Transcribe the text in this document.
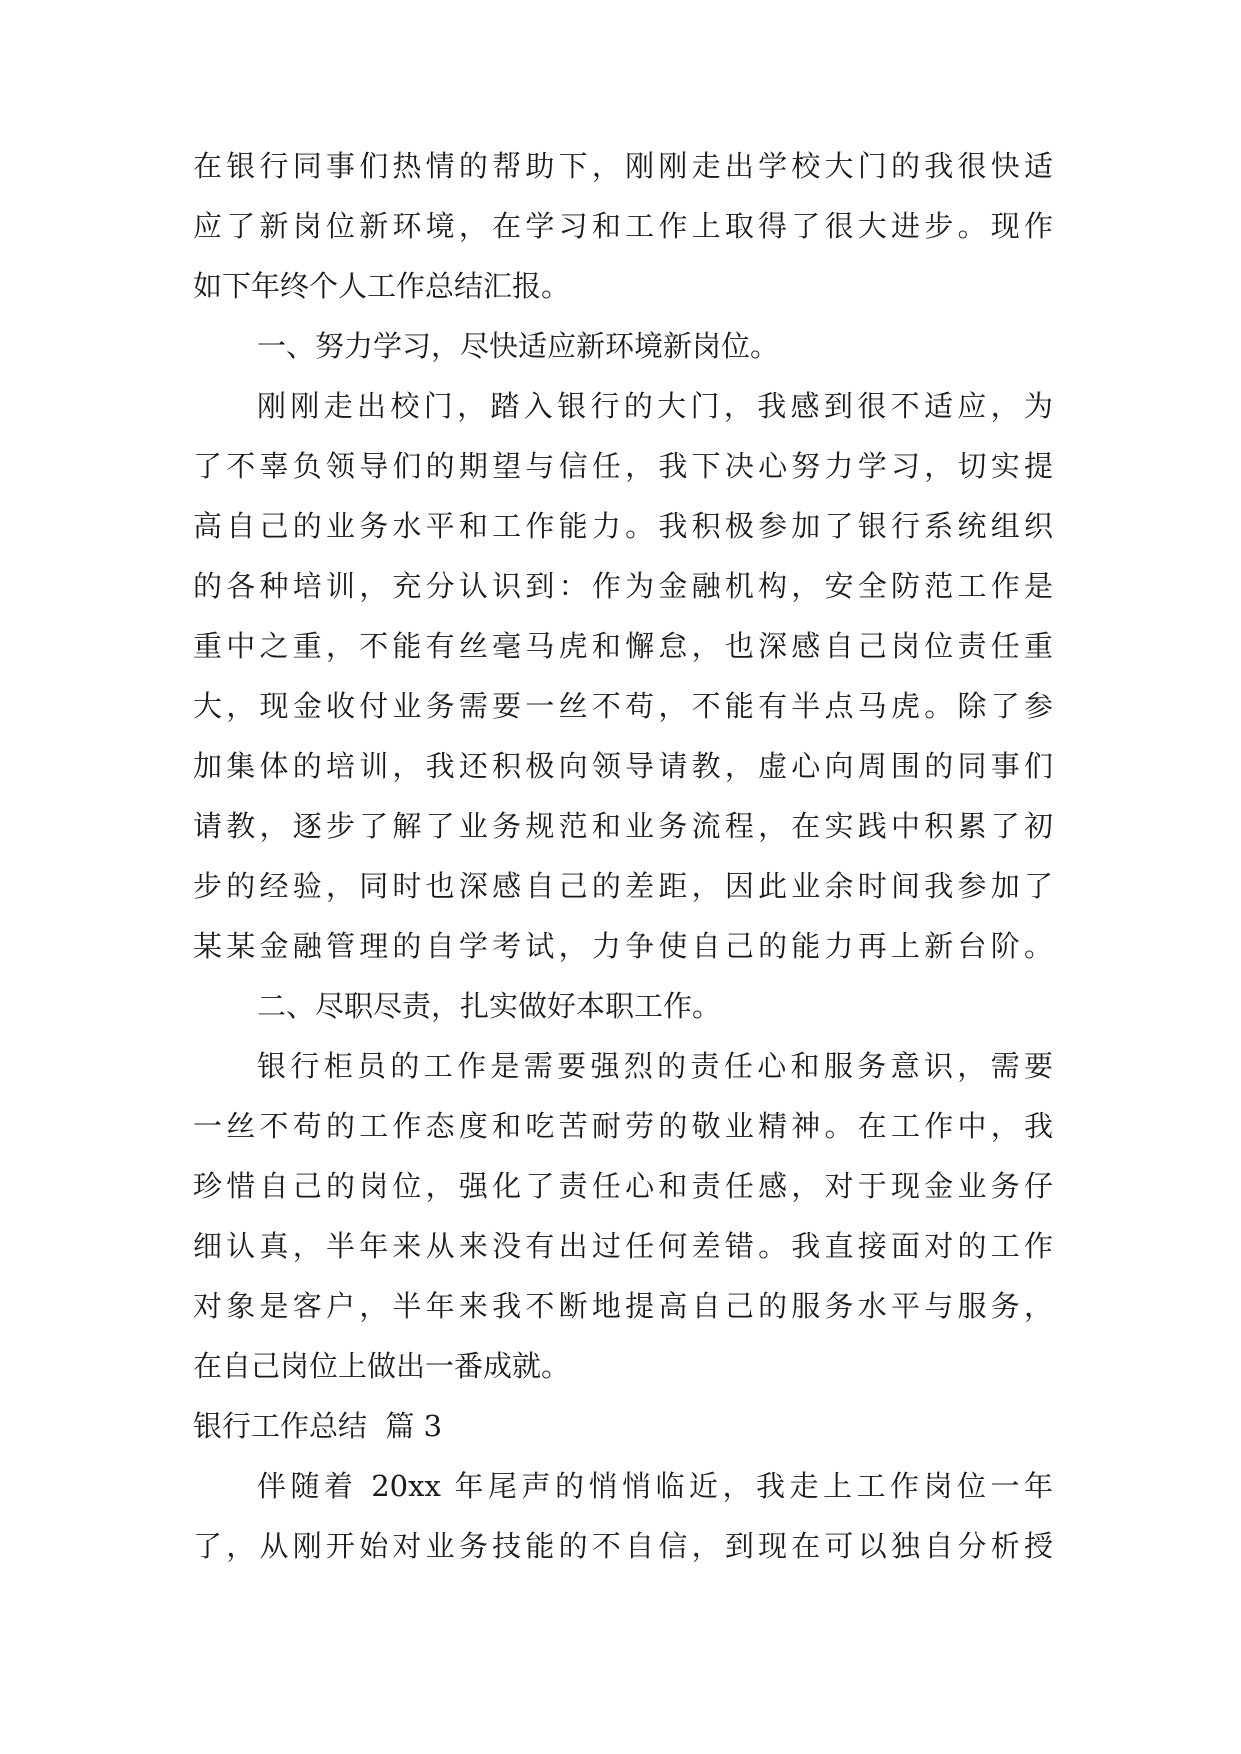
在银行同事们热情的帮助下，刚刚走出学校大门的我很快适
应了新岗位新环境，在学习和工作上取得了很大进步。现作
如下年终个人工作总结汇报。
一、努力学习，尽快适应新环境新岗位。
刚刚走出校门，踏入银行的大门，我感到很不适应，为
了不辜负领导们的期望与信任，我下决心努力学习，切实提
高自己的业务水平和工作能力。我积极参加了银行系统组织
的各种培训，充分认识到：作为金融机构，安全防范工作是
重中之重，不能有丝毫马虎和懈怠，也深感自己岗位责任重
大，现金收付业务需要一丝不苟，不能有半点马虎。除了参
加集体的培训，我还积极向领导请教，虚心向周围的同事们
请教，逐步了解了业务规范和业务流程，在实践中积累了初
步的经验，同时也深感自己的差距，因此业余时间我参加了
某某金融管理的自学考试，力争使自己的能力再上新台阶。
二、尽职尽责，扎实做好本职工作。
银行柜员的工作是需要强烈的责任心和服务意识，需要
一丝不苟的工作态度和吃苦耐劳的敬业精神。在工作中，我
珍惜自己的岗位，强化了责任心和责任感，对于现金业务仔
细认真，半年来从来没有出过任何差错。我直接面对的工作
对象是客户，半年来我不断地提高自己的服务水平与服务，
在自己岗位上做出一番成就。
银行工作总结  篇 3
伴随着 20xx 年尾声的悄悄临近，我走上工作岗位一年
了，从刚开始对业务技能的不自信，到现在可以独自分析授
